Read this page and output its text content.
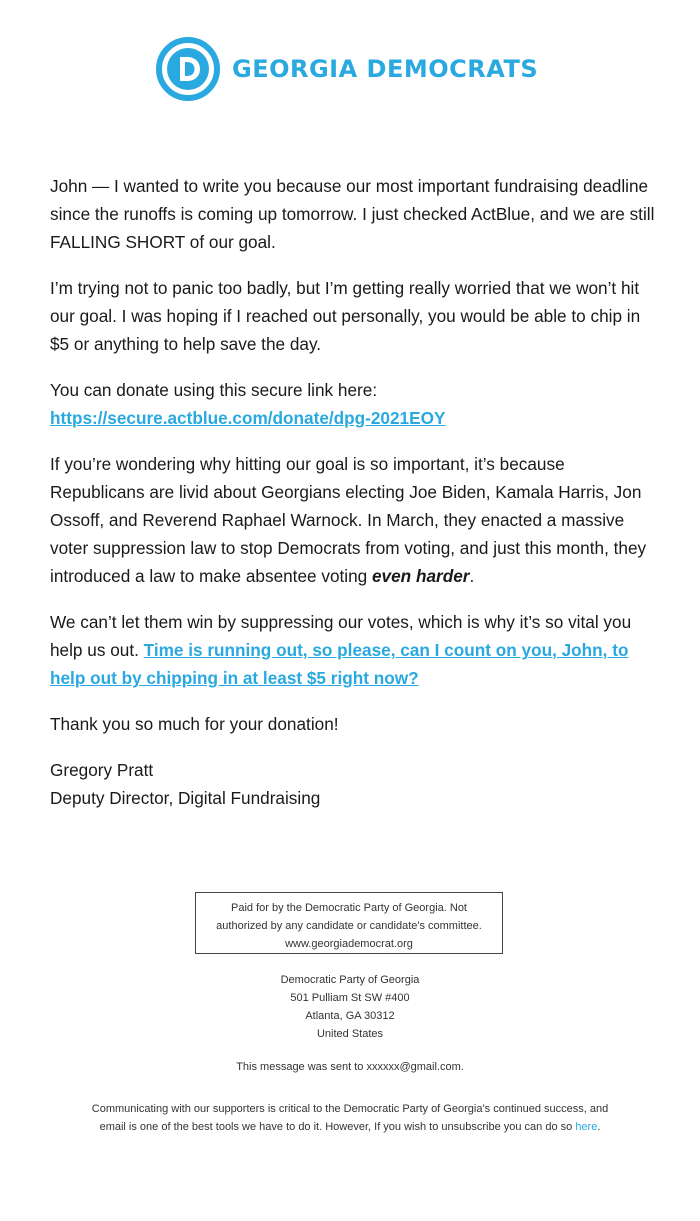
GEORGIA DEMOCRATS

John — I wanted to write you because our most important fundraising deadline since the runoffs is coming up tomorrow. I just checked ActBlue, and we are still FALLING SHORT of our goal.

I’m trying not to panic too badly, but I’m getting really worried that we won’t hit our goal. I was hoping if I reached out personally, you would be able to chip in $5 or anything to help save the day.

You can donate using this secure link here:
https://secure.actblue.com/donate/dpg-2021EOY

If you’re wondering why hitting our goal is so important, it’s because Republicans are livid about Georgians electing Joe Biden, Kamala Harris, Jon Ossoff, and Reverend Raphael Warnock. In March, they enacted a massive voter suppression law to stop Democrats from voting, and just this month, they introduced a law to make absentee voting even harder.

We can’t let them win by suppressing our votes, which is why it’s so vital you help us out. Time is running out, so please, can I count on you, John, to help out by chipping in at least $5 right now?

Thank you so much for your donation!

Gregory Pratt
Deputy Director, Digital Fundraising

Paid for by the Democratic Party of Georgia. Not
authorized by any candidate or candidate's committee.
www.georgiademocrat.org
Democratic Party of Georgia
501 Pulliam St SW #400
Atlanta, GA 30312
United States
This message was sent to xxxxxx@gmail.com.
Communicating with our supporters is critical to the Democratic Party of Georgia’s continued success, and email is one of the best tools we have to do it. However, If you wish to unsubscribe you can do so here.
